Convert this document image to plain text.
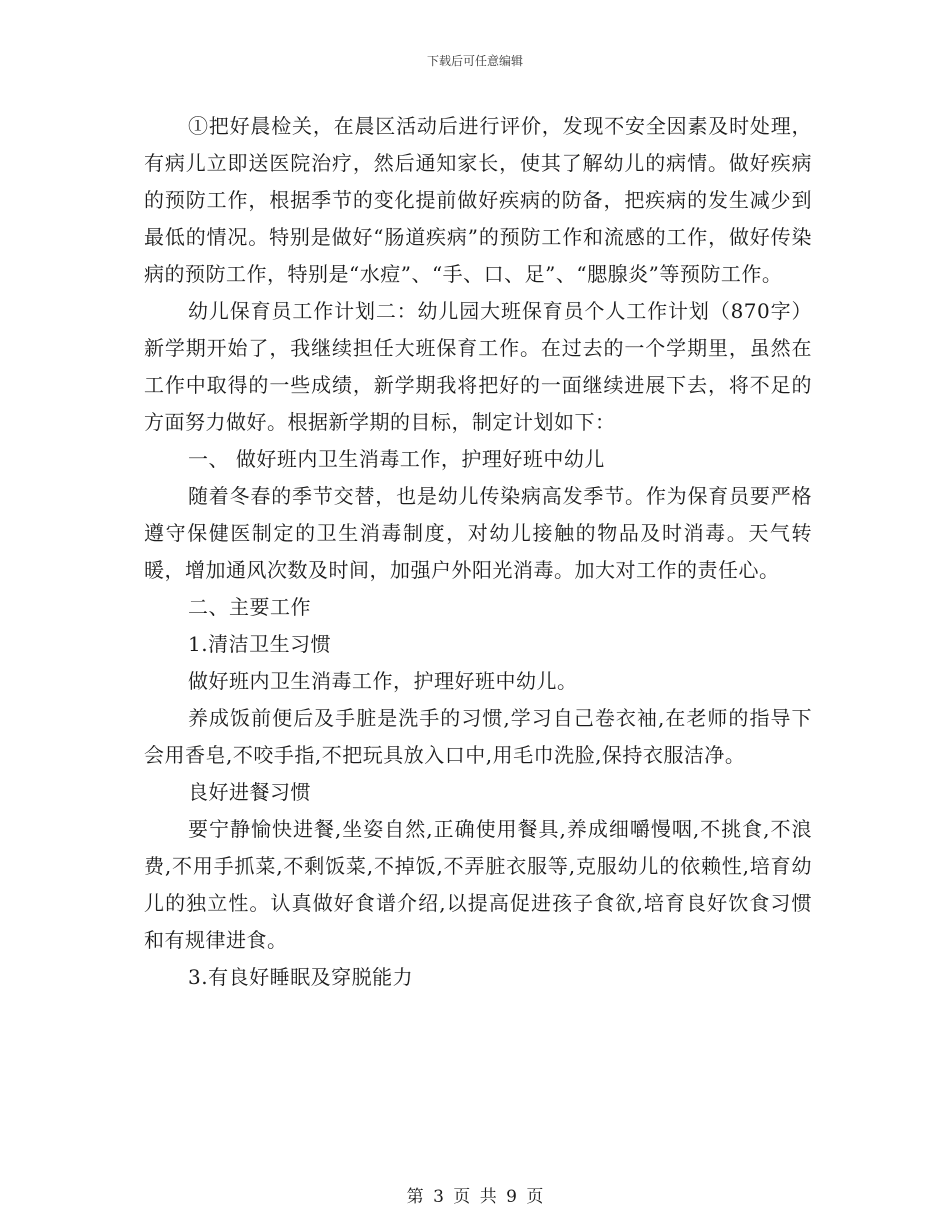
下载后可任意编辑

①把好晨检关，在晨区活动后进行评价，发现不安全因素及时处理，有病儿立即送医院治疗，然后通知家长，使其了解幼儿的病情。做好疾病的预防工作，根据季节的变化提前做好疾病的防备，把疾病的发生减少到最低的情况。特别是做好“肠道疾病”的预防工作和流感的工作，做好传染病的预防工作，特别是“水痘”、“手、口、足”、“腮腺炎”等预防工作。

幼儿保育员工作计划二：幼儿园大班保育员个人工作计划（870字）新学期开始了，我继续担任大班保育工作。在过去的一个学期里，虽然在工作中取得的一些成绩，新学期我将把好的一面继续进展下去，将不足的方面努力做好。根据新学期的目标，制定计划如下：

一、 做好班内卫生消毒工作，护理好班中幼儿

随着冬春的季节交替，也是幼儿传染病高发季节。作为保育员要严格遵守保健医制定的卫生消毒制度，对幼儿接触的物品及时消毒。天气转暖，增加通风次数及时间，加强户外阳光消毒。加大对工作的责任心。

二、主要工作

1.清洁卫生习惯

做好班内卫生消毒工作，护理好班中幼儿。

养成饭前便后及手脏是洗手的习惯,学习自己卷衣袖,在老师的指导下会用香皂,不咬手指,不把玩具放入口中,用毛巾洗脸,保持衣服洁净。

良好进餐习惯

要宁静愉快进餐,坐姿自然,正确使用餐具,养成细嚼慢咽,不挑食,不浪费,不用手抓菜,不剩饭菜,不掉饭,不弄脏衣服等,克服幼儿的依赖性,培育幼儿的独立性。认真做好食谱介绍,以提高促进孩子食欲,培育良好饮食习惯和有规律进食。

3.有良好睡眠及穿脱能力

第 3 页 共 9 页
